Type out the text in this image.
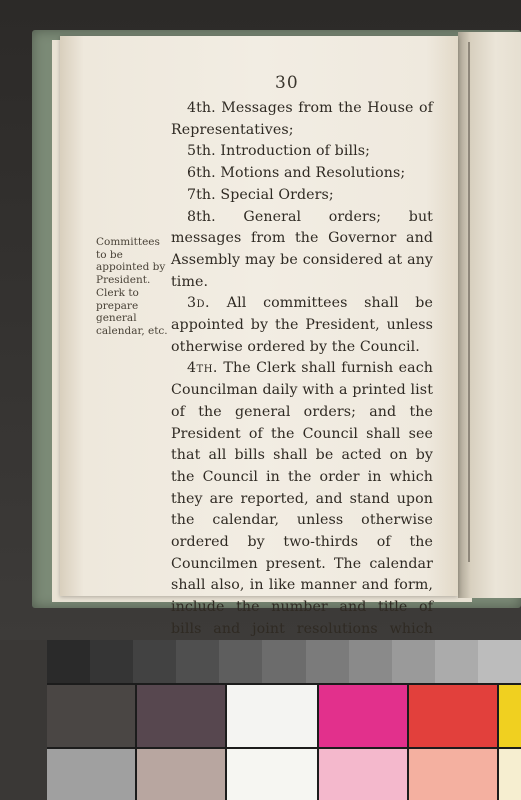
30

4th. Messages from the House of Representatives;

5th. Introduction of bills;

6th. Motions and Resolutions;

7th. Special Orders;

8th. General orders; but messages from the Governor and Assembly may be considered at any time.

3d. All committees shall be appointed by the President, unless otherwise ordered by the Council.

4th. The Clerk shall furnish each Councilman daily with a printed list of the general orders; and the President of the Council shall see that all bills shall be acted on by the Council in the order in which they are reported, and stand upon the calendar, unless otherwise ordered by two-thirds of the Councilmen present. The calendar shall also, in like manner and form, include the number and title of bills and joint resolutions which

Committees to be appointed by President.
Clerk to prepare general calendar, etc.
